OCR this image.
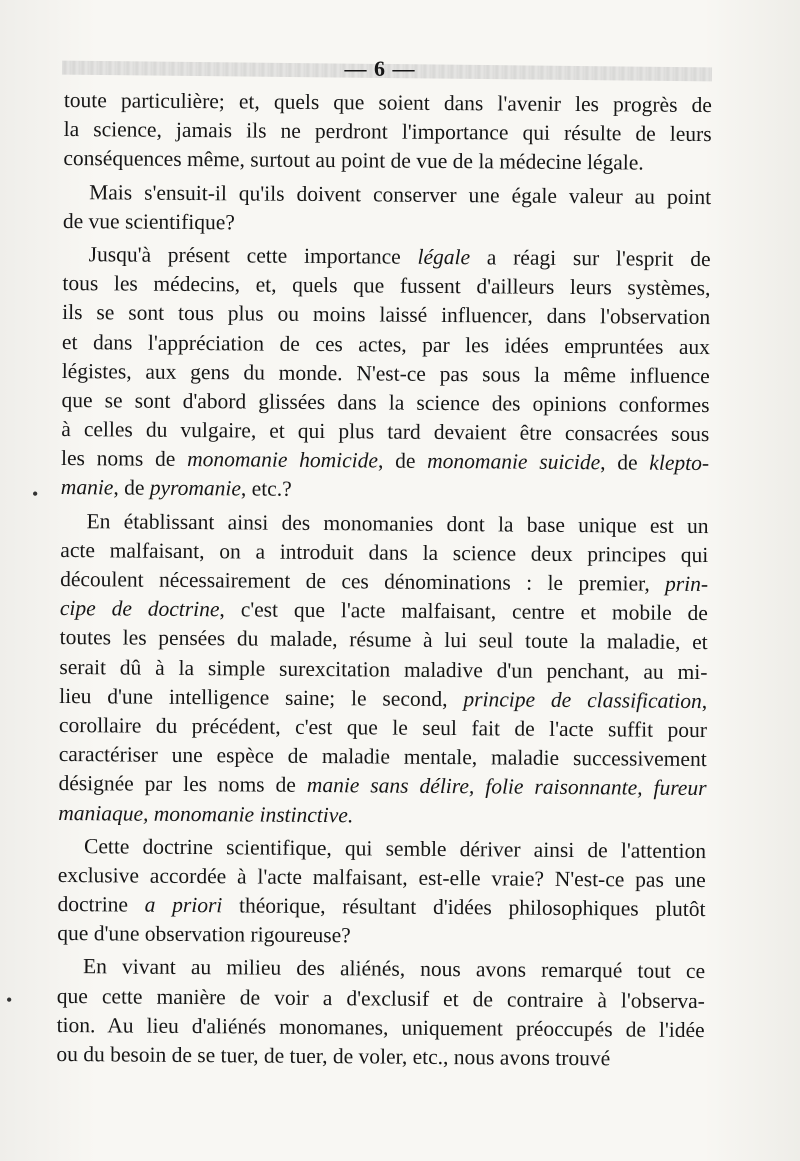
— 6 —
toute particulière; et, quels que soient dans l'avenir les progrès de
la science, jamais ils ne perdront l'importance qui résulte de leurs
conséquences même, surtout au point de vue de la médecine légale.
Mais s'ensuit-il qu'ils doivent conserver une égale valeur au point
de vue scientifique?
Jusqu'à présent cette importance légale a réagi sur l'esprit de
tous les médecins, et, quels que fussent d'ailleurs leurs systèmes,
ils se sont tous plus ou moins laissé influencer, dans l'observation
et dans l'appréciation de ces actes, par les idées empruntées aux
légistes, aux gens du monde. N'est-ce pas sous la même influence
que se sont d'abord glissées dans la science des opinions conformes
à celles du vulgaire, et qui plus tard devaient être consacrées sous
les noms de monomanie homicide, de monomanie suicide, de klepto-
manie, de pyromanie, etc.?
En établissant ainsi des monomanies dont la base unique est un
acte malfaisant, on a introduit dans la science deux principes qui
découlent nécessairement de ces dénominations : le premier, prin-
cipe de doctrine, c'est que l'acte malfaisant, centre et mobile de
toutes les pensées du malade, résume à lui seul toute la maladie, et
serait dû à la simple surexcitation maladive d'un penchant, au mi-
lieu d'une intelligence saine; le second, principe de classification,
corollaire du précédent, c'est que le seul fait de l'acte suffit pour
caractériser une espèce de maladie mentale, maladie successivement
désignée par les noms de manie sans délire, folie raisonnante, fureur
maniaque, monomanie instinctive.
Cette doctrine scientifique, qui semble dériver ainsi de l'attention
exclusive accordée à l'acte malfaisant, est-elle vraie? N'est-ce pas une
doctrine a priori théorique, résultant d'idées philosophiques plutôt
que d'une observation rigoureuse?
En vivant au milieu des aliénés, nous avons remarqué tout ce
que cette manière de voir a d'exclusif et de contraire à l'observa-
tion. Au lieu d'aliénés monomanes, uniquement préoccupés de l'idée
ou du besoin de se tuer, de tuer, de voler, etc., nous avons trouvé
•
•
